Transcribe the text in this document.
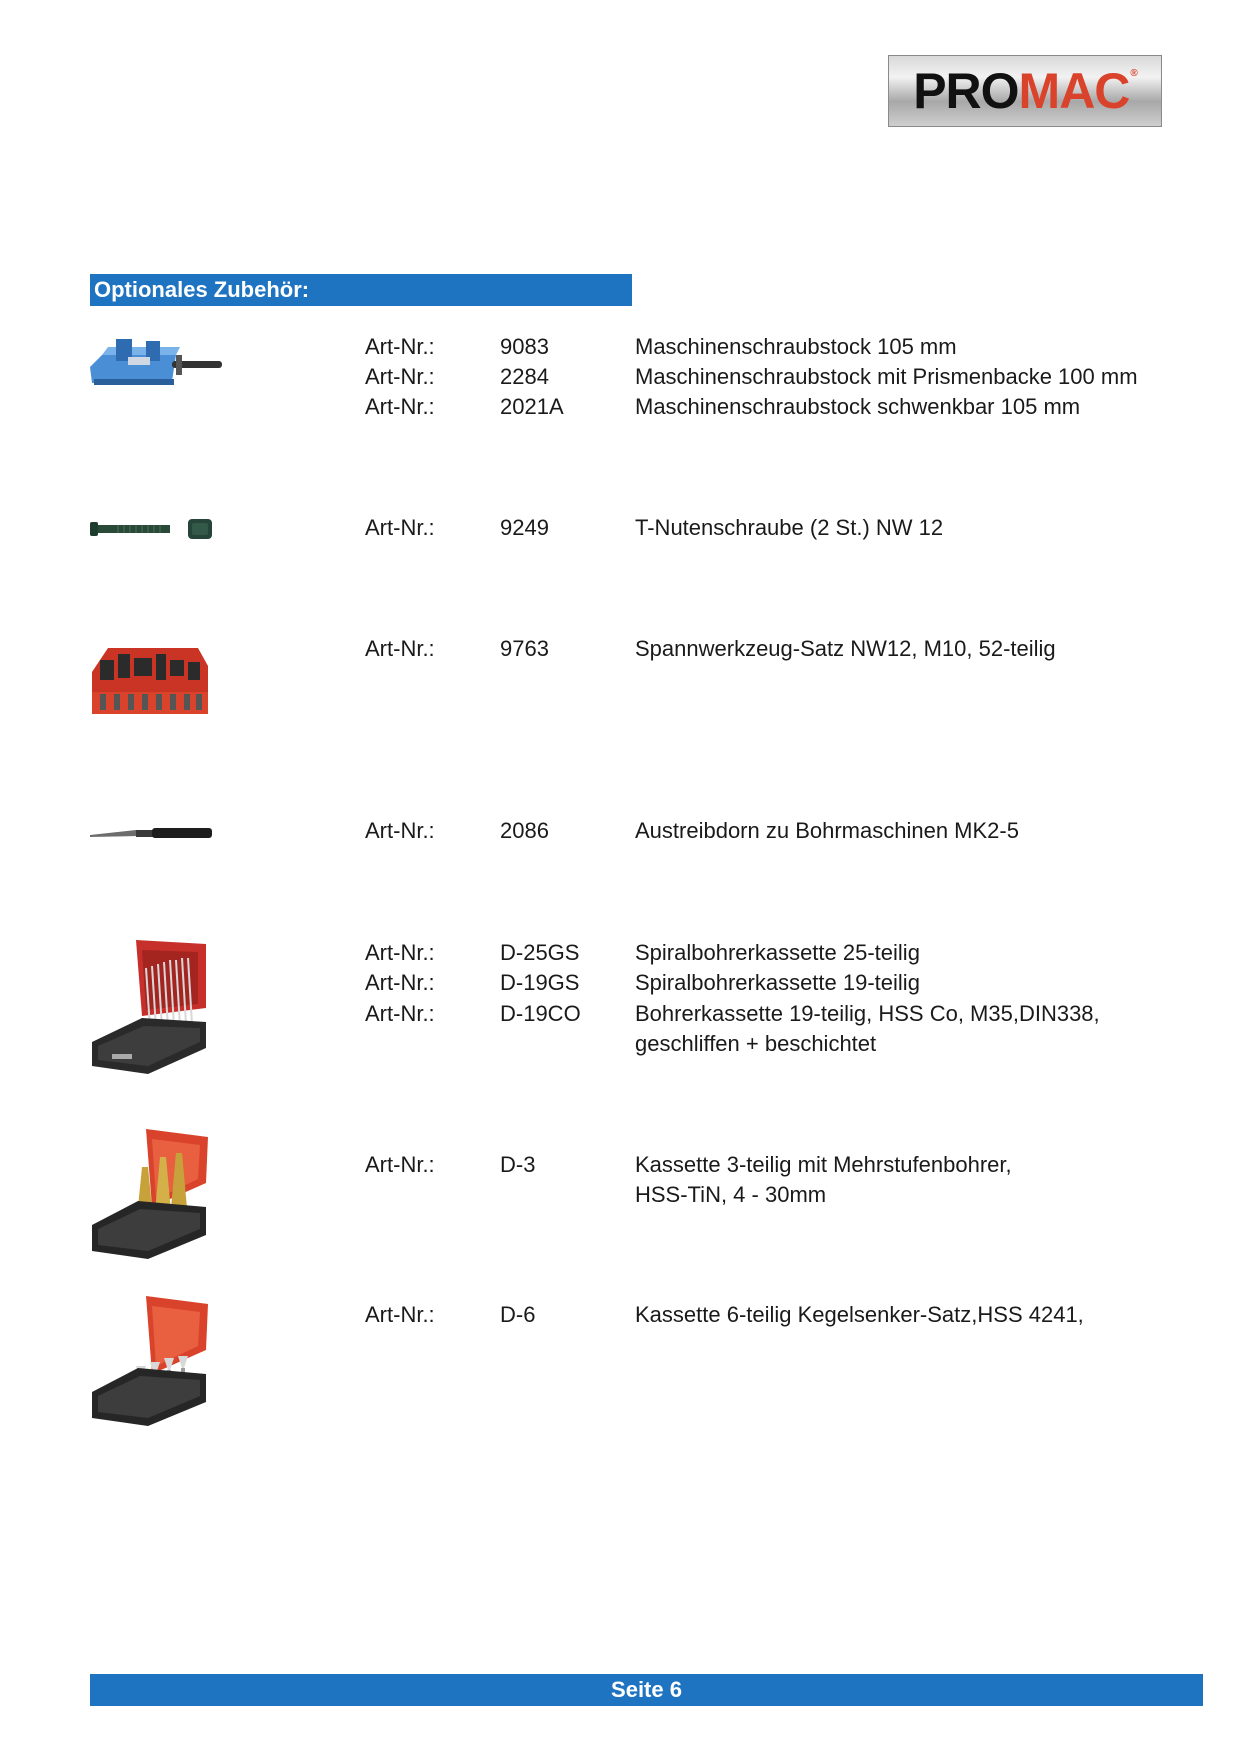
PRO MAC ®
Optionales Zubehör:
Art-Nr.:	9083	Maschinenschraubstock 105 mm
Art-Nr.:	2284	Maschinenschraubstock mit Prismenbacke 100 mm
Art-Nr.:	2021A	Maschinenschraubstock schwenkbar 105 mm
Art-Nr.:	9249	T-Nutenschraube (2 St.) NW 12
Art-Nr.:	9763	Spannwerkzeug-Satz NW12, M10, 52-teilig
Art-Nr.:	2086	Austreibdorn zu Bohrmaschinen MK2-5
Art-Nr.:	D-25GS	Spiralbohrerkassette 25-teilig
Art-Nr.:	D-19GS	Spiralbohrerkassette 19-teilig
Art-Nr.:	D-19CO Bohrerkassette 19-teilig, HSS Co, M35,DIN338,
geschliffen + beschichtet
Art-Nr.:	D-3	Kassette 3-teilig mit Mehrstufenbohrer,
HSS-TiN, 4 - 30mm
Art-Nr.:	D-6	Kassette 6-teilig Kegelsenker-Satz,HSS 4241,
Seite 6
